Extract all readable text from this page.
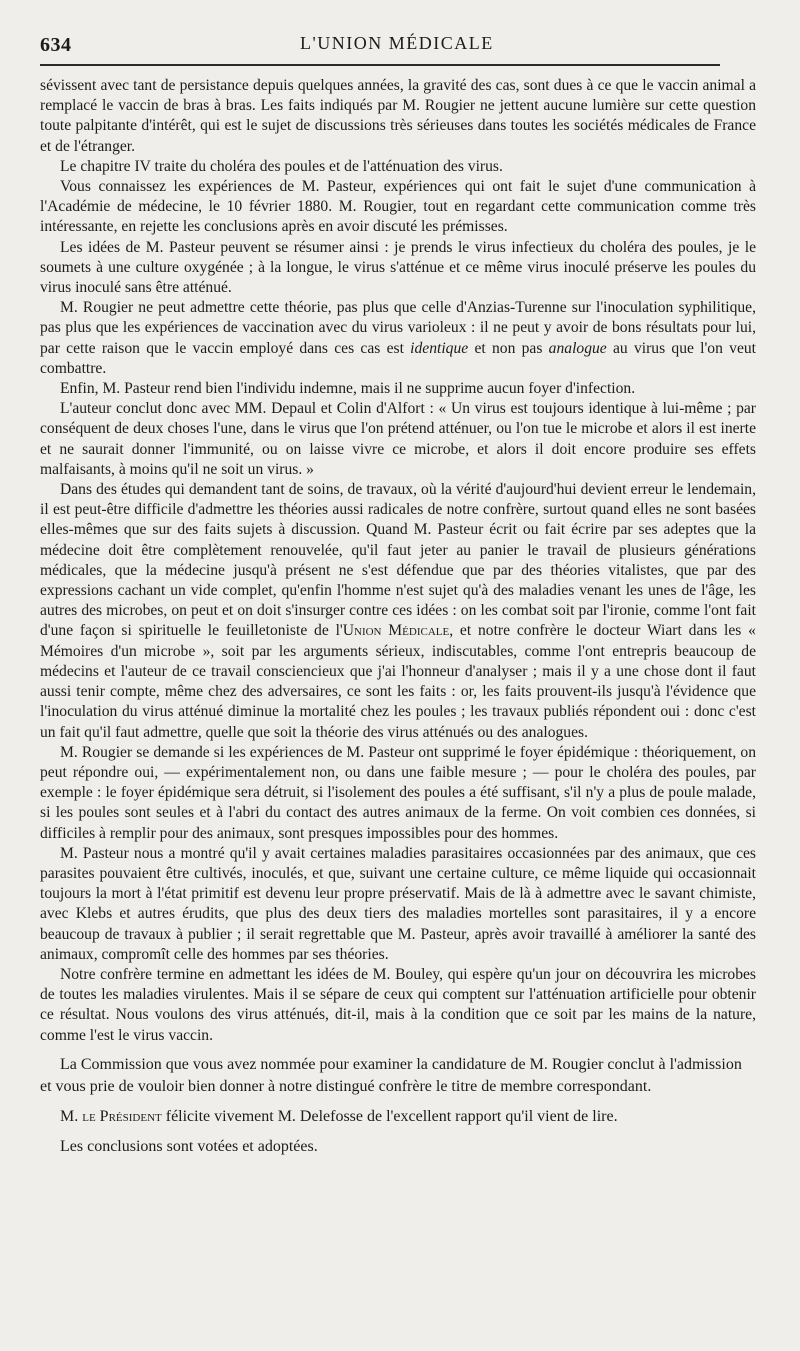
634	L'UNION MÉDICALE

sévissent avec tant de persistance depuis quelques années, la gravité des cas, sont dues à ce que le vaccin animal a remplacé le vaccin de bras à bras. Les faits indiqués par M. Rougier ne jettent aucune lumière sur cette question toute palpitante d'intérêt, qui est le sujet de discussions très sérieuses dans toutes les sociétés médicales de France et de l'étranger.

Le chapitre IV traite du choléra des poules et de l'atténuation des virus.

Vous connaissez les expériences de M. Pasteur, expériences qui ont fait le sujet d'une communication à l'Académie de médecine, le 10 février 1880. M. Rougier, tout en regardant cette communication comme très intéressante, en rejette les conclusions après en avoir discuté les prémisses.

Les idées de M. Pasteur peuvent se résumer ainsi : je prends le virus infectieux du choléra des poules, je le soumets à une culture oxygénée ; à la longue, le virus s'atténue et ce même virus inoculé préserve les poules du virus inoculé sans être atténué.

M. Rougier ne peut admettre cette théorie, pas plus que celle d'Anzias-Turenne sur l'inoculation syphilitique, pas plus que les expériences de vaccination avec du virus varioleux : il ne peut y avoir de bons résultats pour lui, par cette raison que le vaccin employé dans ces cas est identique et non pas analogue au virus que l'on veut combattre.

Enfin, M. Pasteur rend bien l'individu indemne, mais il ne supprime aucun foyer d'infection.

L'auteur conclut donc avec MM. Depaul et Colin d'Alfort : « Un virus est toujours identique à lui-même ; par conséquent de deux choses l'une, dans le virus que l'on prétend atténuer, ou l'on tue le microbe et alors il est inerte et ne saurait donner l'immunité, ou on laisse vivre ce microbe, et alors il doit encore produire ses effets malfaisants, à moins qu'il ne soit un virus. »

Dans des études qui demandent tant de soins, de travaux, où la vérité d'aujourd'hui devient erreur le lendemain, il est peut-être difficile d'admettre les théories aussi radicales de notre confrère, surtout quand elles ne sont basées elles-mêmes que sur des faits sujets à discussion. Quand M. Pasteur écrit ou fait écrire par ses adeptes que la médecine doit être complètement renouvelée, qu'il faut jeter au panier le travail de plusieurs générations médicales, que la médecine jusqu'à présent ne s'est défendue que par des théories vitalistes, que par des expressions cachant un vide complet, qu'enfin l'homme n'est sujet qu'à des maladies venant les unes de l'âge, les autres des microbes, on peut et on doit s'insurger contre ces idées : on les combat soit par l'ironie, comme l'ont fait d'une façon si spirituelle le feuilletoniste de l'Union Médicale, et notre confrère le docteur Wiart dans les « Mémoires d'un microbe », soit par les arguments sérieux, indiscutables, comme l'ont entrepris beaucoup de médecins et l'auteur de ce travail consciencieux que j'ai l'honneur d'analyser ; mais il y a une chose dont il faut aussi tenir compte, même chez des adversaires, ce sont les faits : or, les faits prouvent-ils jusqu'à l'évidence que l'inoculation du virus atténué diminue la mortalité chez les poules ; les travaux publiés répondent oui : donc c'est un fait qu'il faut admettre, quelle que soit la théorie des virus atténués ou des analogues.

M. Rougier se demande si les expériences de M. Pasteur ont supprimé le foyer épidémique : théoriquement, on peut répondre oui, — expérimentalement non, ou dans une faible mesure ; — pour le choléra des poules, par exemple : le foyer épidémique sera détruit, si l'isolement des poules a été suffisant, s'il n'y a plus de poule malade, si les poules sont seules et à l'abri du contact des autres animaux de la ferme. On voit combien ces données, si difficiles à remplir pour des animaux, sont presques impossibles pour des hommes.

M. Pasteur nous a montré qu'il y avait certaines maladies parasitaires occasionnées par des animaux, que ces parasites pouvaient être cultivés, inoculés, et que, suivant une certaine culture, ce même liquide qui occasionnait toujours la mort à l'état primitif est devenu leur propre préservatif. Mais de là à admettre avec le savant chimiste, avec Klebs et autres érudits, que plus des deux tiers des maladies mortelles sont parasitaires, il y a encore beaucoup de travaux à publier ; il serait regrettable que M. Pasteur, après avoir travaillé à améliorer la santé des animaux, compromît celle des hommes par ses théories.

Notre confrère termine en admettant les idées de M. Bouley, qui espère qu'un jour on découvrira les microbes de toutes les maladies virulentes. Mais il se sépare de ceux qui comptent sur l'atténuation artificielle pour obtenir ce résultat. Nous voulons des virus atténués, dit-il, mais à la condition que ce soit par les mains de la nature, comme l'est le virus vaccin.

La Commission que vous avez nommée pour examiner la candidature de M. Rougier conclut à l'admission et vous prie de vouloir bien donner à notre distingué confrère le titre de membre correspondant.

M. le Président félicite vivement M. Delefosse de l'excellent rapport qu'il vient de lire.

Les conclusions sont votées et adoptées.
